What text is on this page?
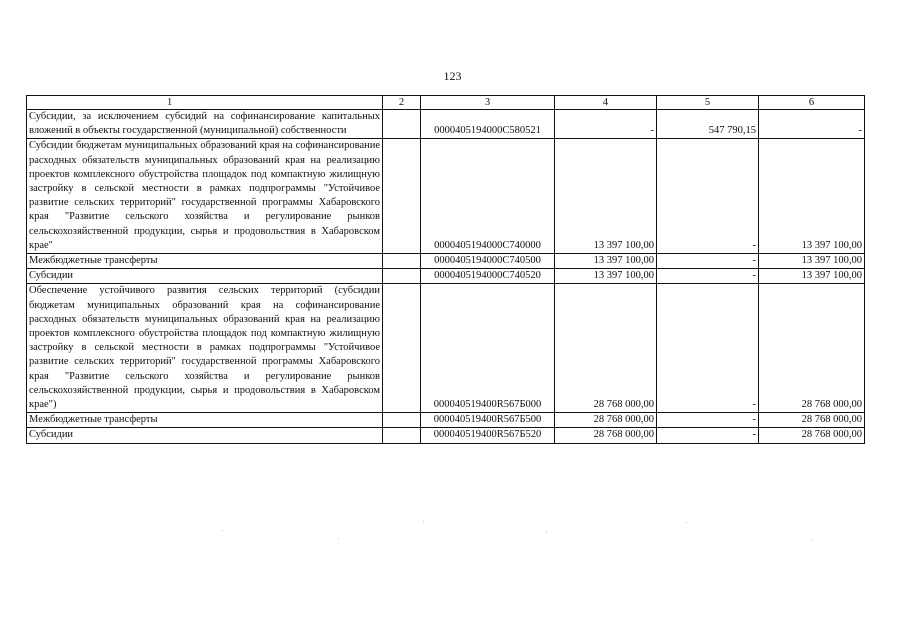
123
1	2	3	4	5	6
Субсидии, за исключением субсидий на софинансирование капитальных вложений в объекты государственной (муниципальной) собственности		0000405194000С580521	-	547 790,15	-
Субсидии бюджетам муниципальных образований края на софинансирование расходных обязательств муниципальных образований края на реализацию проектов комплексного обустройства площадок под компактную жилищную застройку в сельской местности в рамках подпрограммы "Устойчивое развитие сельских территорий" государственной программы Хабаровского края "Развитие сельского хозяйства и регулирование рынков сельскохозяйственной продукции, сырья и продовольствия в Хабаровском крае"		0000405194000С740000	13 397 100,00	-	13 397 100,00
Межбюджетные трансферты		0000405194000С740500	13 397 100,00	-	13 397 100,00
Субсидии		0000405194000С740520	13 397 100,00	-	13 397 100,00
Обеспечение устойчивого развития сельских территорий (субсидии бюджетам муниципальных образований края на софинансирование расходных обязательств муниципальных образований края на реализацию проектов комплексного обустройства площадок под компактную жилищную застройку в сельской местности в рамках подпрограммы "Устойчивое развитие сельских территорий" государственной программы Хабаровского края "Развитие сельского хозяйства и регулирование рынков сельскохозяйственной продукции, сырья и продовольствия в Хабаровском крае")		000040519400R567Б000	28 768 000,00	-	28 768 000,00
Межбюджетные трансферты		000040519400R567Б500	28 768 000,00	-	28 768 000,00
Субсидии		000040519400R567Б520	28 768 000,00	-	28 768 000,00
